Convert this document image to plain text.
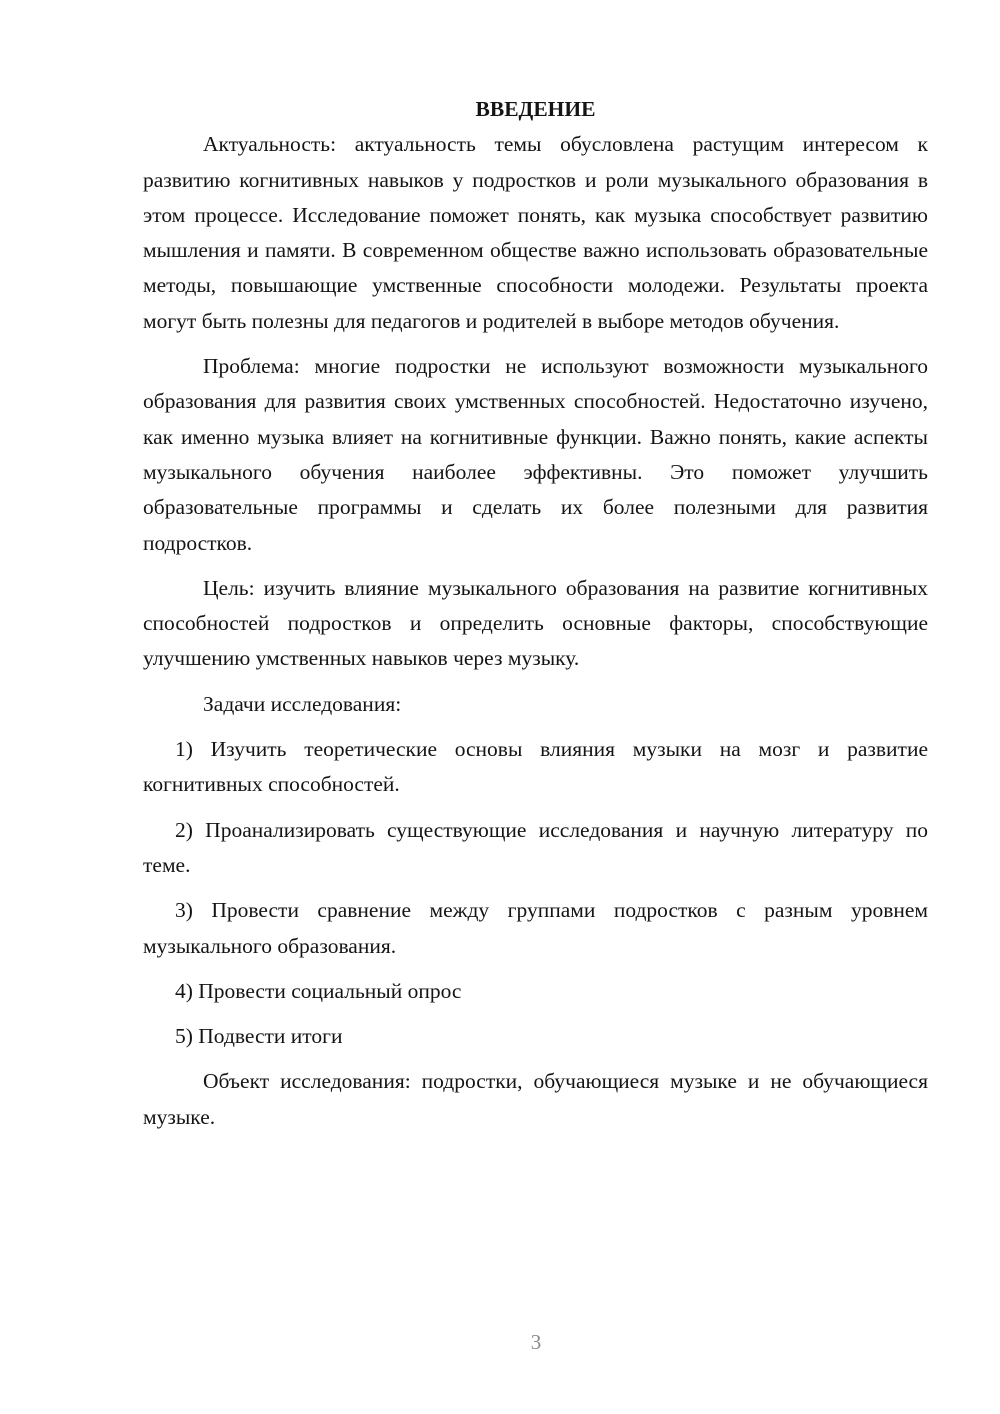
ВВЕДЕНИЕ

Актуальность: актуальность темы обусловлена растущим интересом к развитию когнитивных навыков у подростков и роли музыкального образования в этом процессе. Исследование поможет понять, как музыка способствует развитию мышления и памяти. В современном обществе важно использовать образовательные методы, повышающие умственные способности молодежи. Результаты проекта могут быть полезны для педагогов и родителей в выборе методов обучения.

Проблема: многие подростки не используют возможности музыкального образования для развития своих умственных способностей. Недостаточно изучено, как именно музыка влияет на когнитивные функции. Важно понять, какие аспекты музыкального обучения наиболее эффективны. Это поможет улучшить образовательные программы и сделать их более полезными для развития подростков.

Цель: изучить влияние музыкального образования на развитие когнитивных способностей подростков и определить основные факторы, способствующие улучшению умственных навыков через музыку.

Задачи исследования:

1) Изучить теоретические основы влияния музыки на мозг и развитие когнитивных способностей.

2) Проанализировать существующие исследования и научную литературу по теме.

3) Провести сравнение между группами подростков с разным уровнем музыкального образования.

4) Провести социальный опрос

5) Подвести итоги

Объект исследования: подростки, обучающиеся музыке и не обучающиеся музыке.

3
